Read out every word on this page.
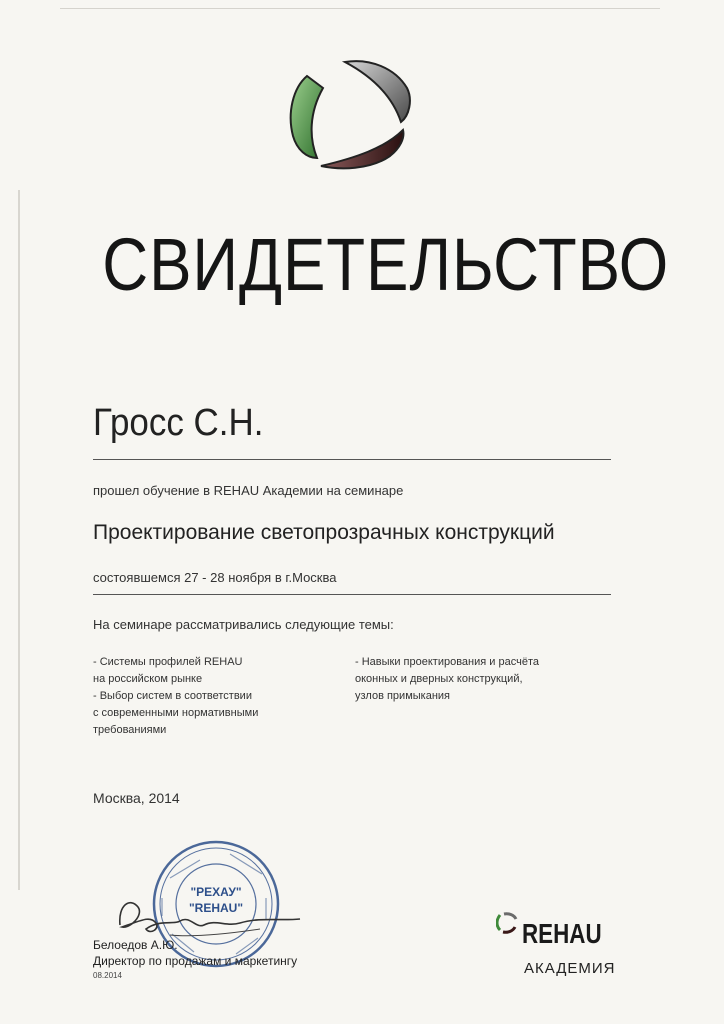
СВИДЕТЕЛЬСТВО
Гросс С.Н.
прошел обучение в REHAU Академии на семинаре
Проектирование светопрозрачных конструкций
состоявшемся 27 - 28 ноября в г.Москва
На семинаре рассматривались следующие темы:
- Системы профилей REHAU
на российском рынке
- Выбор систем в соответствии
с современными нормативными
требованиями
- Навыки проектирования и расчёта
оконных и дверных конструкций,
узлов примыкания
Москва, 2014
"РЕХАУ"
"REHAU"
Белоедов А.Ю.
Директор по продажам и маркетингу
08.2014
REHAU
АКАДЕМИЯ
